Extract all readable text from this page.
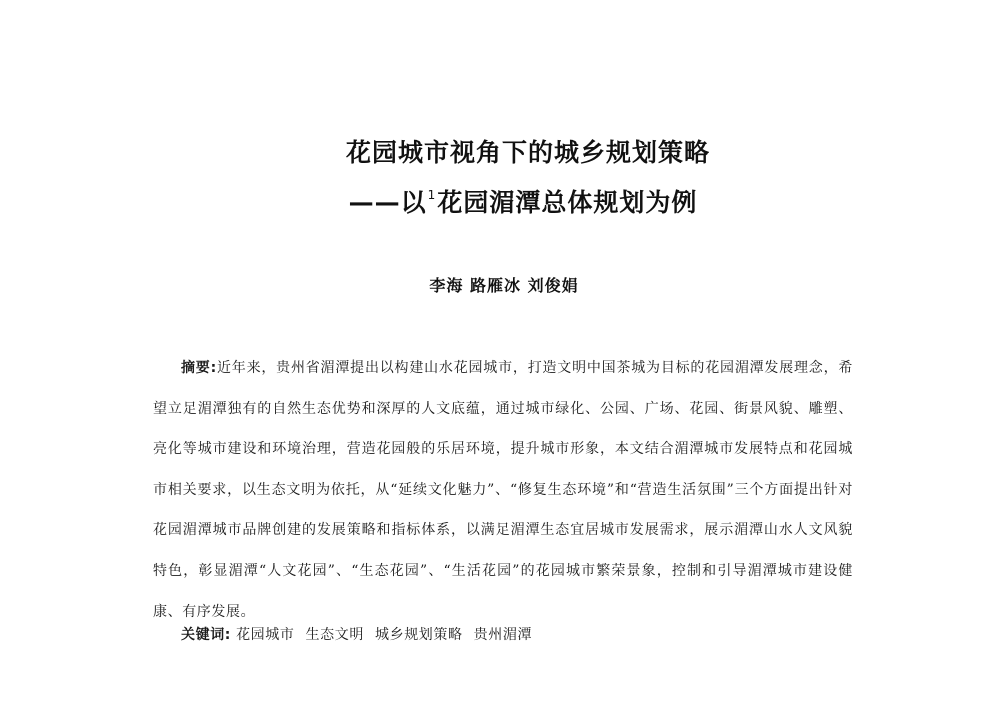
花园城市视角下的城乡规划策略
——以$^1$花园湄潭总体规划为例
李海 路雁冰 刘俊娟

摘要:近年来，贵州省湄潭提出以构建山水花园城市，打造文明中国茶城为目标的花园湄潭发展理念，希望立足湄潭独有的自然生态优势和深厚的人文底蕴，通过城市绿化、公园、广场、花园、街景风貌、雕塑、亮化等城市建设和环境治理，营造花园般的乐居环境，提升城市形象，本文结合湄潭城市发展特点和花园城市相关要求，以生态文明为依托，从“延续文化魅力”、“修复生态环境”和“营造生活氛围”三个方面提出针对花园湄潭城市品牌创建的发展策略和指标体系，以满足湄潭生态宜居城市发展需求，展示湄潭山水人文风貌特色，彰显湄潭“人文花园”、“生态花园”、“生活花园”的花园城市繁荣景象，控制和引导湄潭城市建设健康、有序发展。

关键词: 花园城市 生态文明 城乡规划策略 贵州湄潭
